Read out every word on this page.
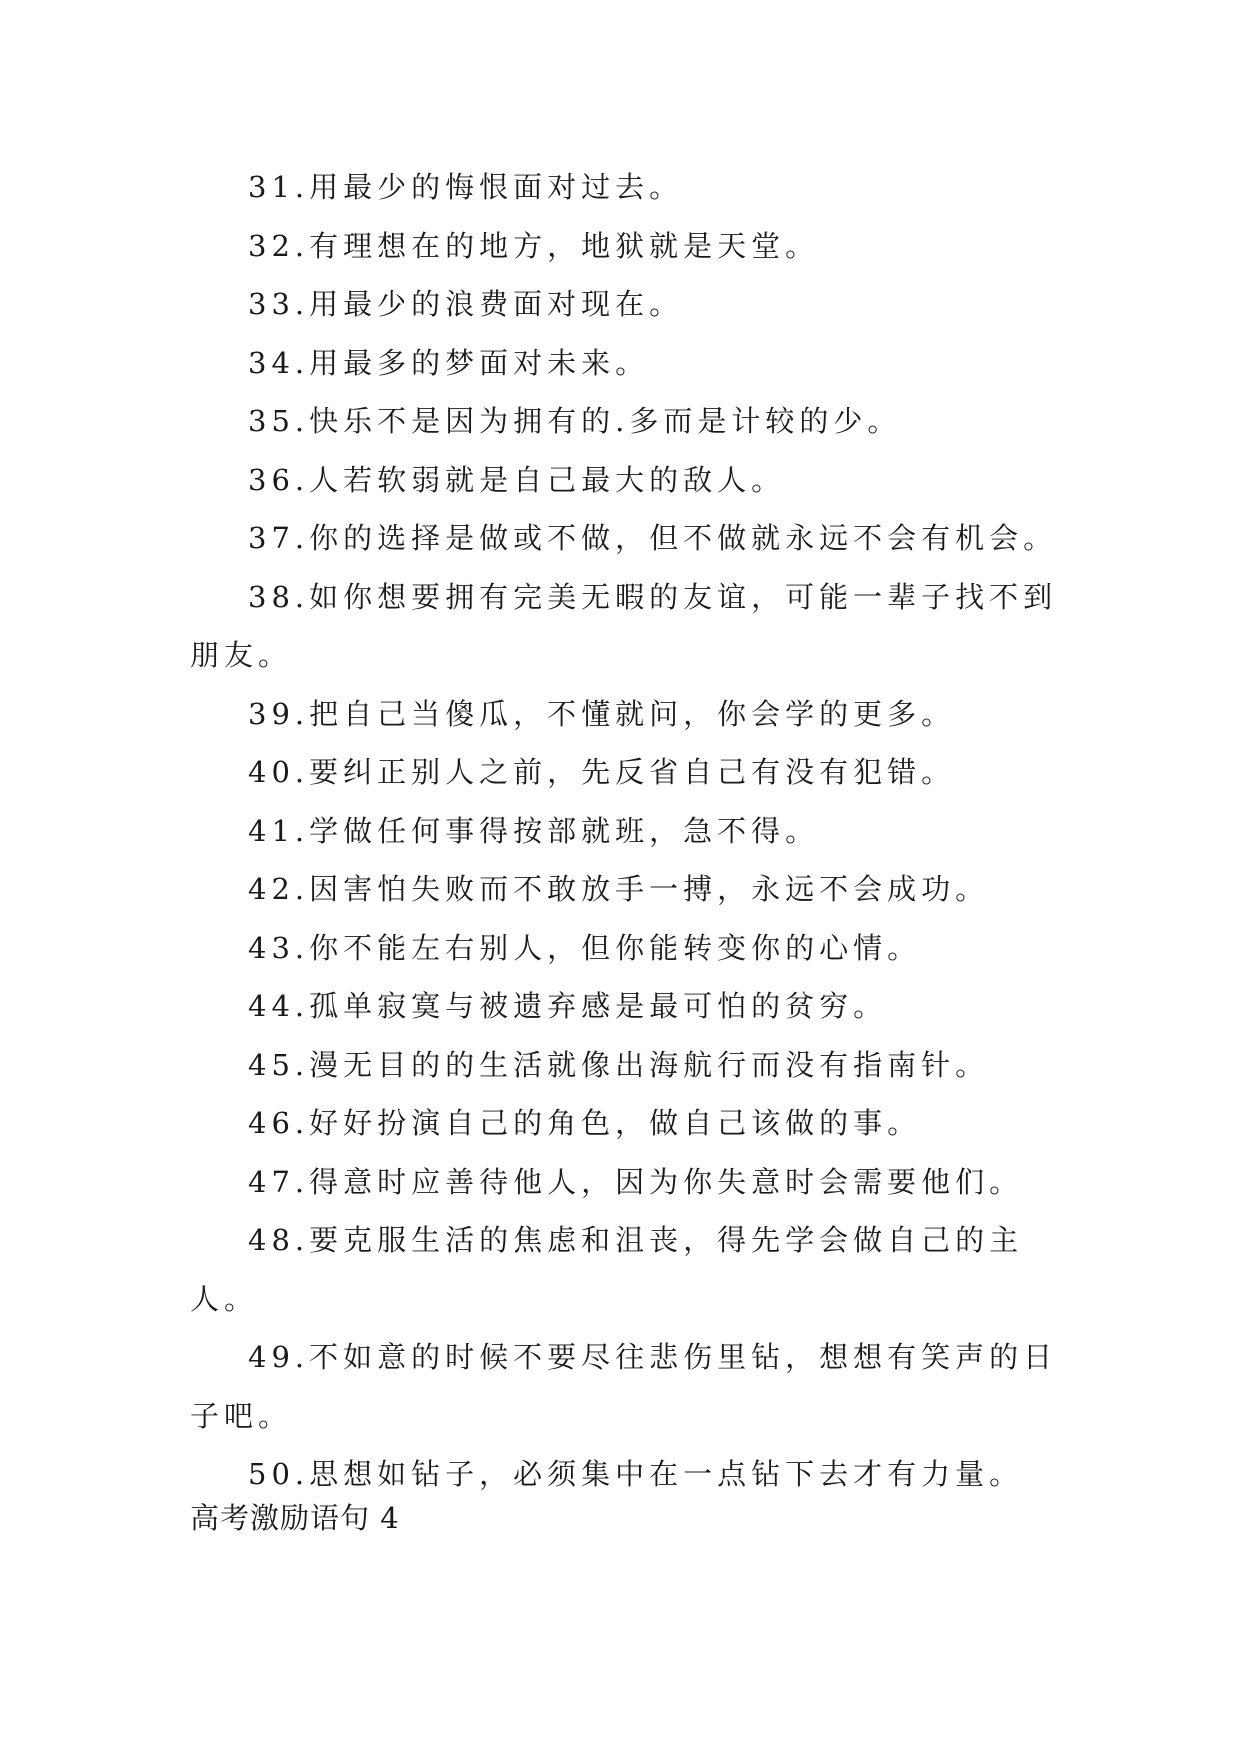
31.用最少的悔恨面对过去。

32.有理想在的地方，地狱就是天堂。

33.用最少的浪费面对现在。

34.用最多的梦面对未来。

35.快乐不是因为拥有的.多而是计较的少。

36.人若软弱就是自己最大的敌人。

37.你的选择是做或不做，但不做就永远不会有机会。

38.如你想要拥有完美无暇的友谊，可能一辈子找不到朋友。

39.把自己当傻瓜，不懂就问，你会学的更多。

40.要纠正别人之前，先反省自己有没有犯错。

41.学做任何事得按部就班，急不得。

42.因害怕失败而不敢放手一搏，永远不会成功。

43.你不能左右别人，但你能转变你的心情。

44.孤单寂寞与被遗弃感是最可怕的贫穷。

45.漫无目的的生活就像出海航行而没有指南针。

46.好好扮演自己的角色，做自己该做的事。

47.得意时应善待他人，因为你失意时会需要他们。

48.要克服生活的焦虑和沮丧，得先学会做自己的主人。

49.不如意的时候不要尽往悲伤里钻，想想有笑声的日子吧。

50.思想如钻子，必须集中在一点钻下去才有力量。

高考激励语句 4
